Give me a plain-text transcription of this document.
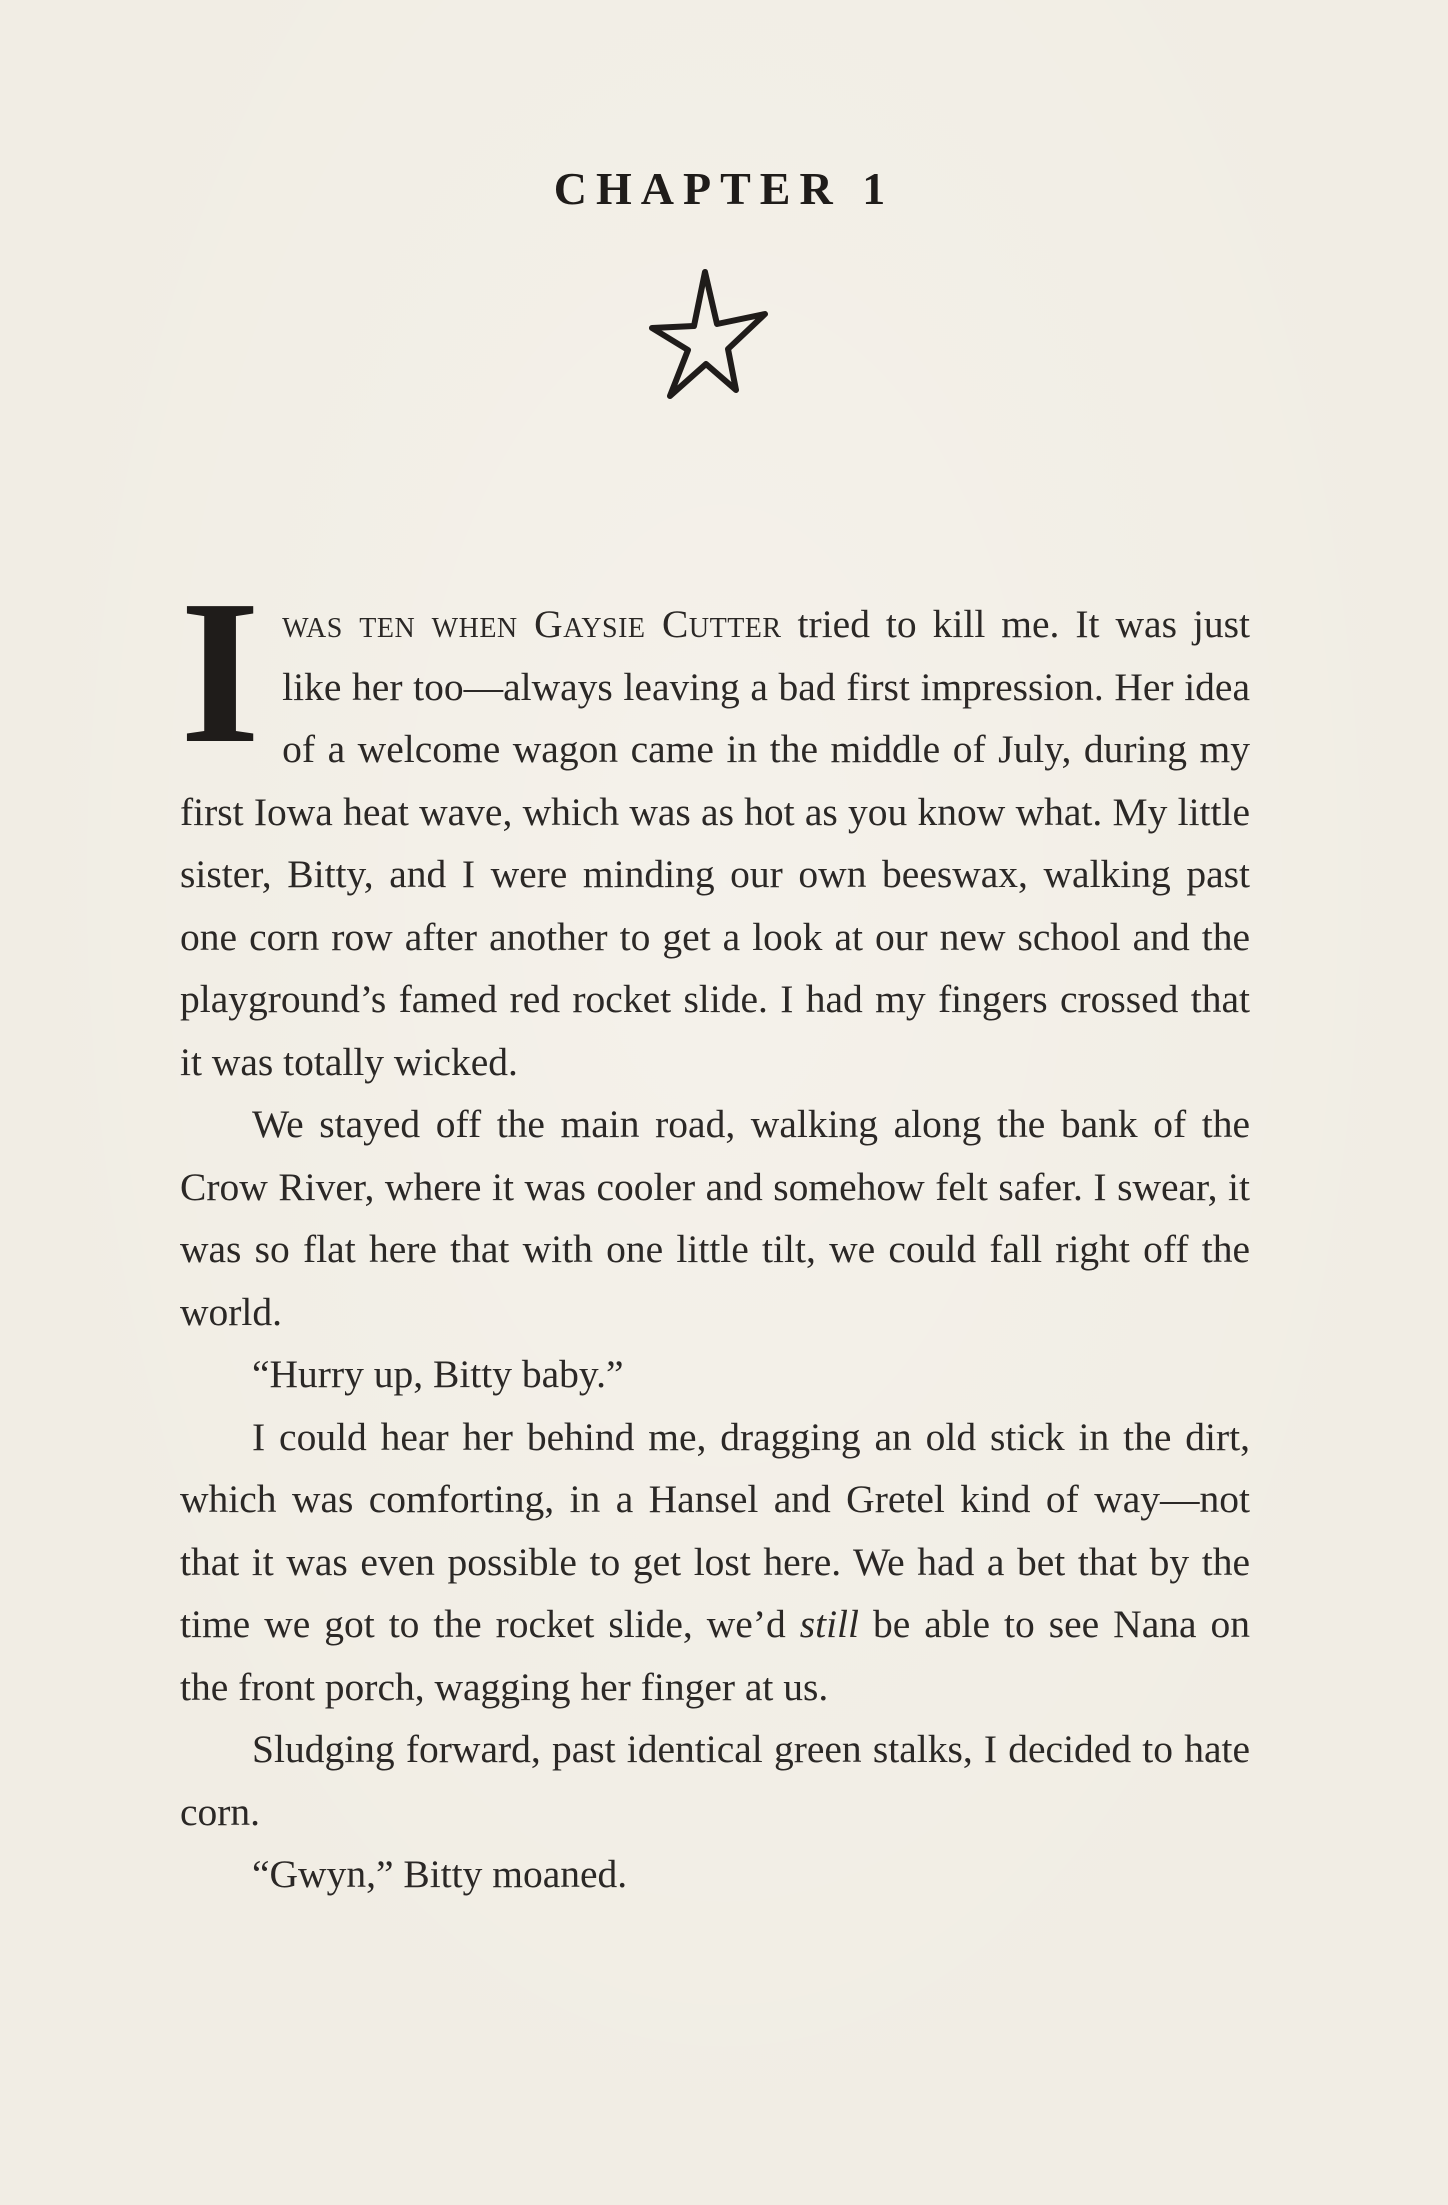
CHAPTER 1

Iwas ten when Gaysie Cutter tried to kill me. It was just like her too—always leaving a bad first impression. Her idea of a welcome wagon came in the middle of July, during my first Iowa heat wave, which was as hot as you know what. My little sister, Bitty, and I were minding our own beeswax, walking past one corn row after another to get a look at our new school and the playground’s famed red rocket slide. I had my fingers crossed that it was totally wicked.

We stayed off the main road, walking along the bank of the Crow River, where it was cooler and somehow felt safer. I swear, it was so flat here that with one little tilt, we could fall right off the world.

“Hurry up, Bitty baby.”

I could hear her behind me, dragging an old stick in the dirt, which was comforting, in a Hansel and Gretel kind of way—not that it was even possible to get lost here. We had a bet that by the time we got to the rocket slide, we’d still be able to see Nana on the front porch, wagging her finger at us.

Sludging forward, past identical green stalks, I decided to hate corn.

“Gwyn,” Bitty moaned.
